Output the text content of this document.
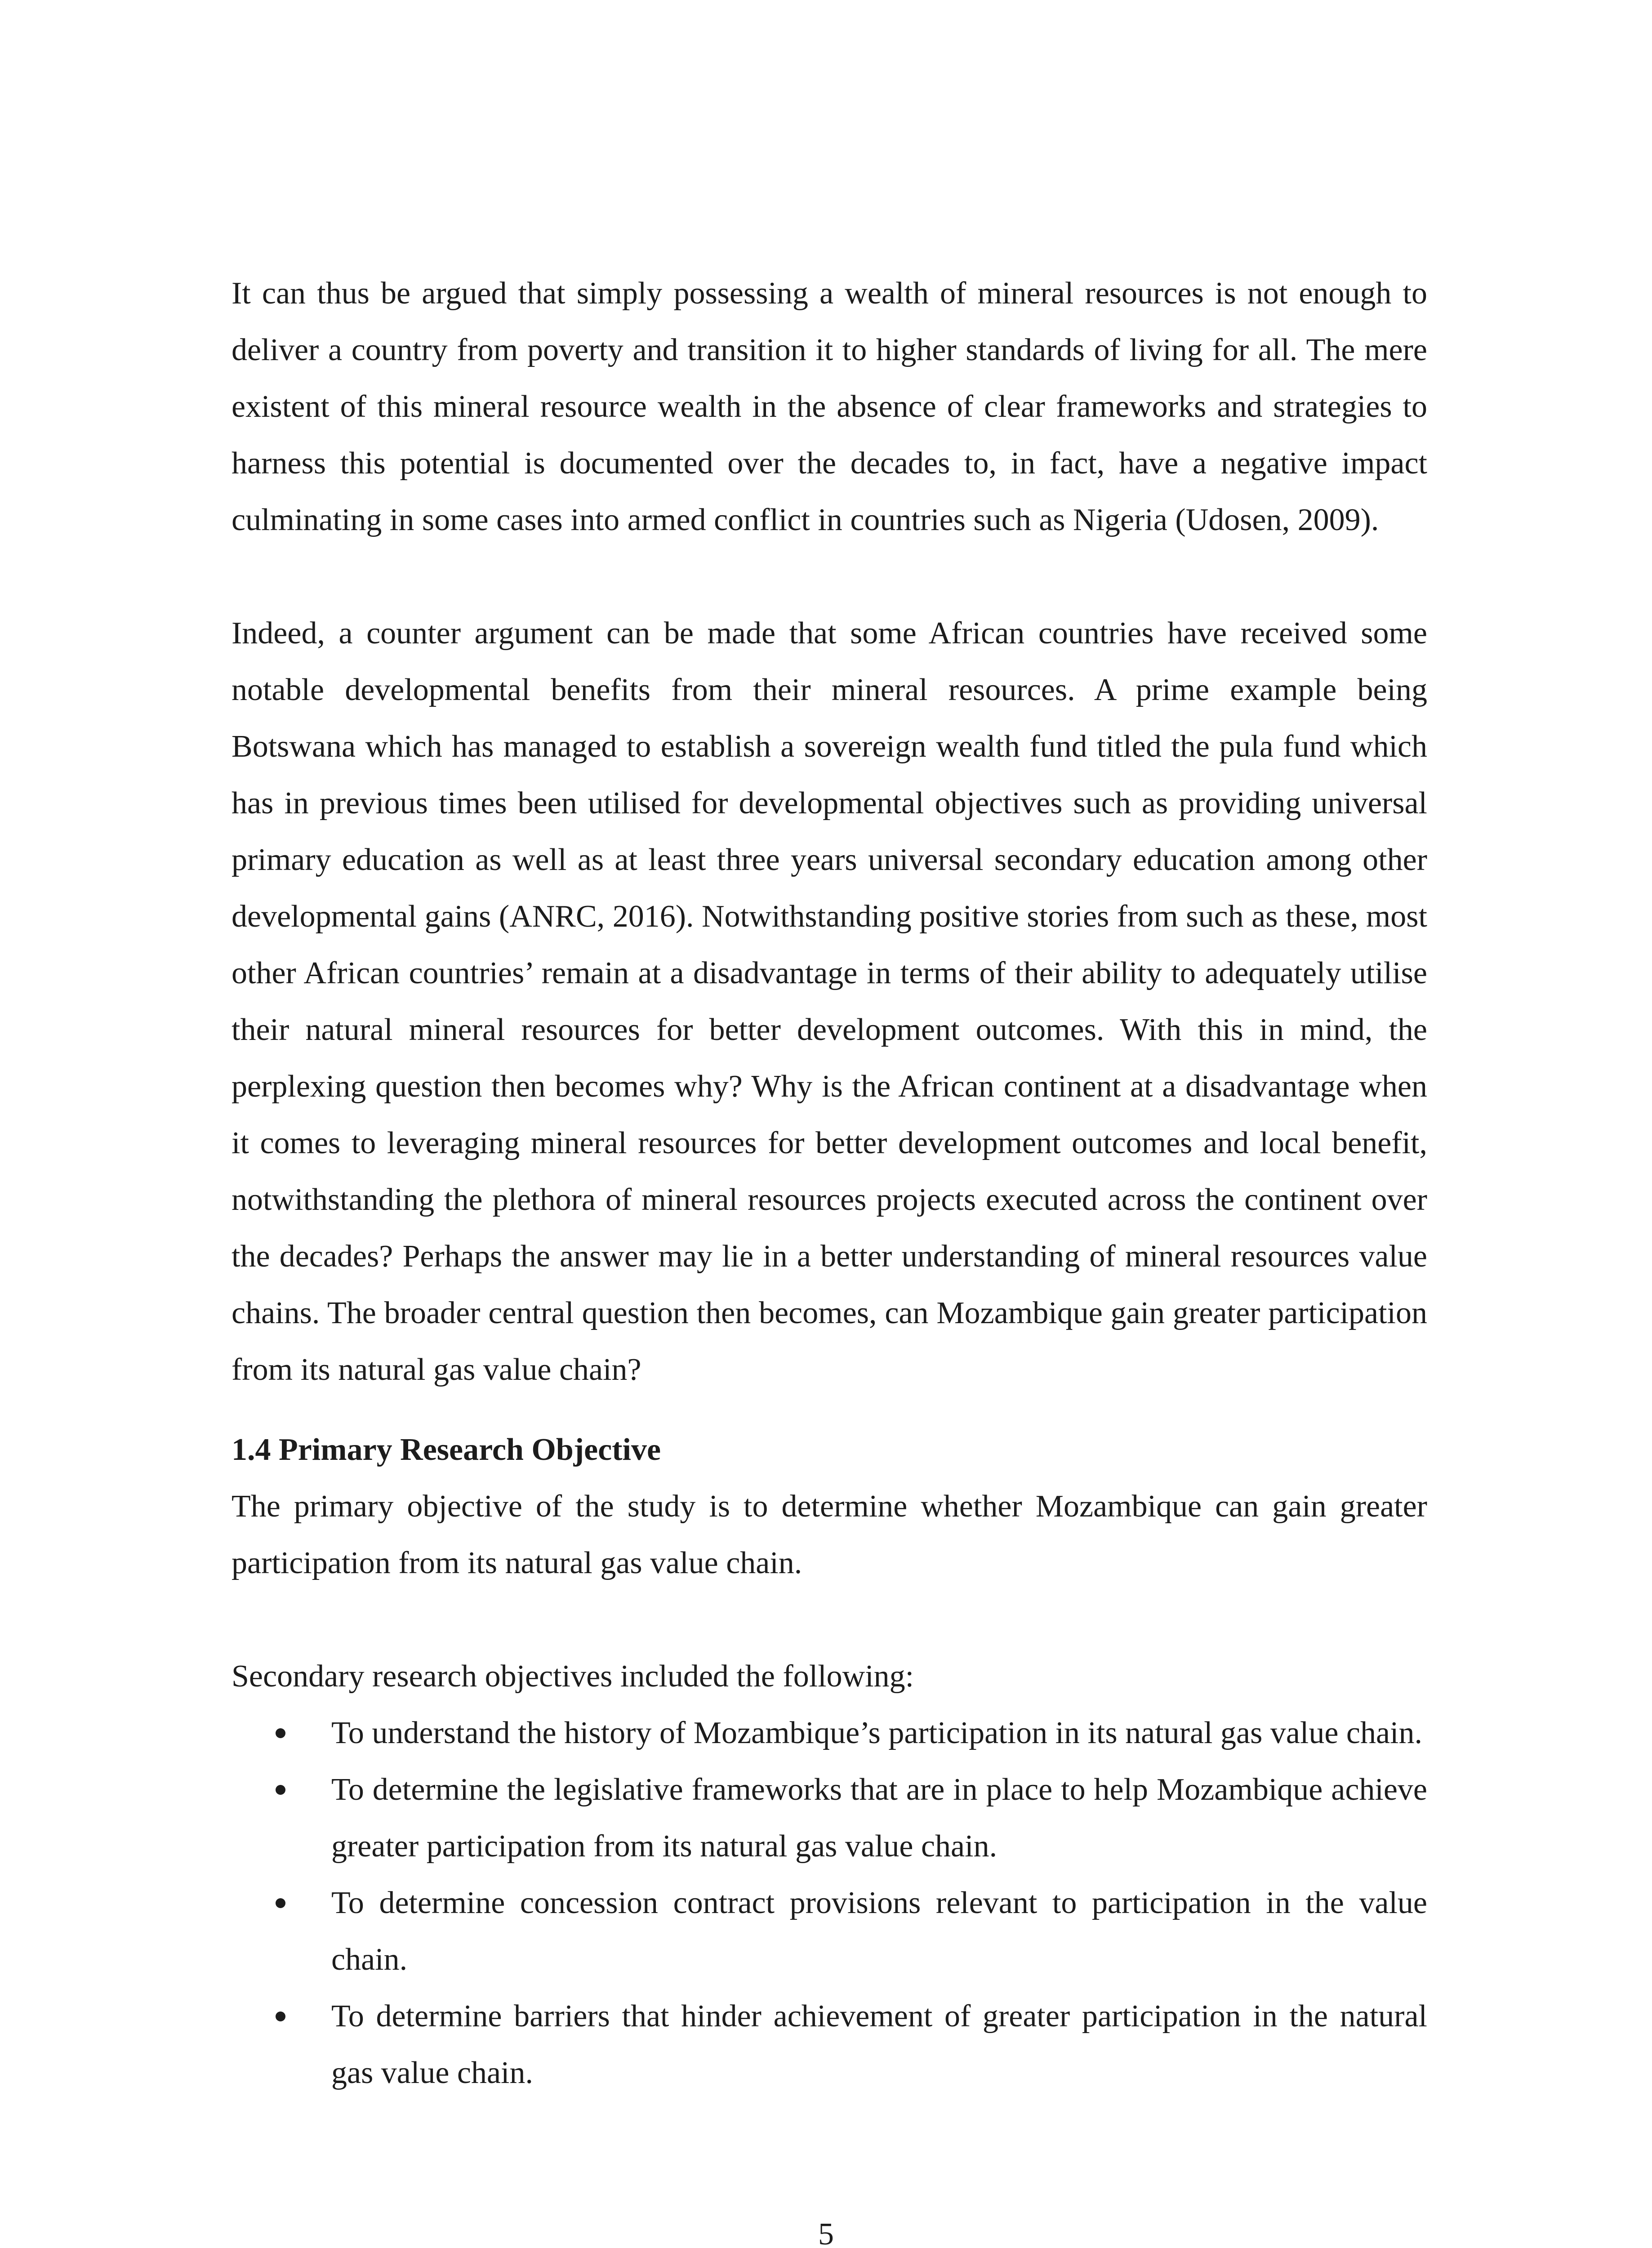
It can thus be argued that simply possessing a wealth of mineral resources is not enough to deliver a country from poverty and transition it to higher standards of living for all. The mere existent of this mineral resource wealth in the absence of clear frameworks and strategies to harness this potential is documented over the decades to, in fact, have a negative impact culminating in some cases into armed conflict in countries such as Nigeria (Udosen, 2009).

Indeed, a counter argument can be made that some African countries have received some notable developmental benefits from their mineral resources. A prime example being Botswana which has managed to establish a sovereign wealth fund titled the pula fund which has in previous times been utilised for developmental objectives such as providing universal primary education as well as at least three years universal secondary education among other developmental gains (ANRC, 2016). Notwithstanding positive stories from such as these, most other African countries’ remain at a disadvantage in terms of their ability to adequately utilise their natural mineral resources for better development outcomes. With this in mind, the perplexing question then becomes why? Why is the African continent at a disadvantage when it comes to leveraging mineral resources for better development outcomes and local benefit, notwithstanding the plethora of mineral resources projects executed across the continent over the decades? Perhaps the answer may lie in a better understanding of mineral resources value chains. The broader central question then becomes, can Mozambique gain greater participation from its natural gas value chain?

1.4 Primary Research Objective

The primary objective of the study is to determine whether Mozambique can gain greater participation from its natural gas value chain.

Secondary research objectives included the following:

To understand the history of Mozambique’s participation in its natural gas value chain.
To determine the legislative frameworks that are in place to help Mozambique achieve greater participation from its natural gas value chain.
To determine concession contract provisions relevant to participation in the value chain.
To determine barriers that hinder achievement of greater participation in the natural gas value chain.
5
